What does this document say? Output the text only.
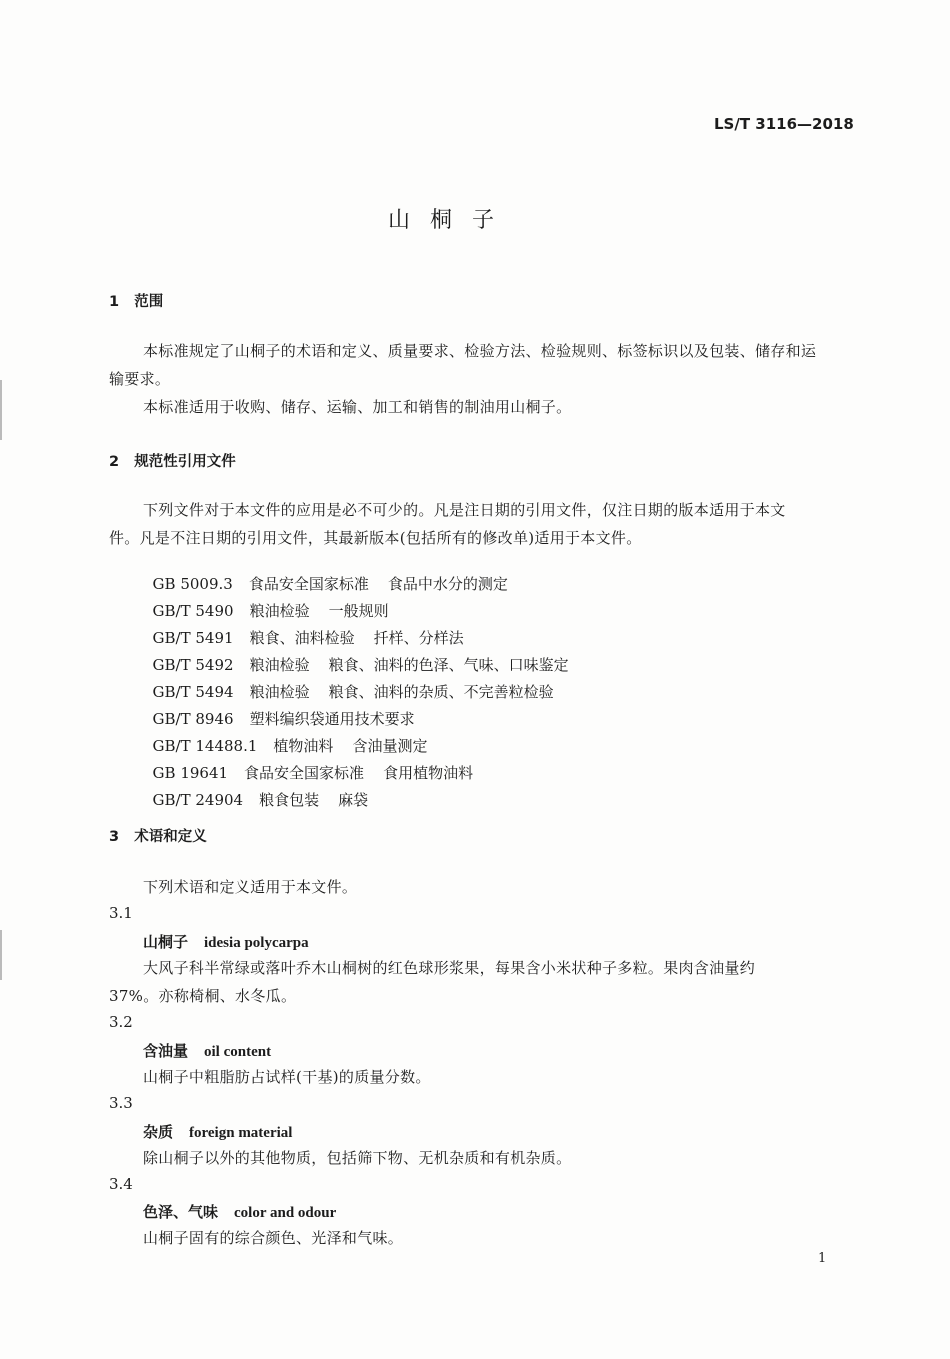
LS/T 3116—2018
山  桐  子
1   范围
本标准规定了山桐子的术语和定义、质量要求、检验方法、检验规则、标签标识以及包装、储存和运
输要求。
本标准适用于收购、储存、运输、加工和销售的制油用山桐子。
2   规范性引用文件
下列文件对于本文件的应用是必不可少的。凡是注日期的引用文件，仅注日期的版本适用于本文
件。凡是不注日期的引用文件，其最新版本(包括所有的修改单)适用于本文件。

GB 5009.3 食品安全国家标准    食品中水分的测定

GB/T 5490 粮油检验    一般规则

GB/T 5491 粮食、油料检验    扦样、分样法

GB/T 5492 粮油检验    粮食、油料的色泽、气味、口味鉴定

GB/T 5494 粮油检验    粮食、油料的杂质、不完善粒检验

GB/T 8946 塑料编织袋通用技术要求

GB/T 14488.1 植物油料    含油量测定

GB 19641 食品安全国家标准    食用植物油料

GB/T 24904 粮食包装    麻袋

3   术语和定义
下列术语和定义适用于本文件。
3.1
山桐子 idesia polycarpa
大风子科半常绿或落叶乔木山桐树的红色球形浆果，每果含小米状种子多粒。果肉含油量约
37%。亦称椅桐、水冬瓜。
3.2
含油量 oil content
山桐子中粗脂肪占试样(干基)的质量分数。
3.3
杂质 foreign material
除山桐子以外的其他物质，包括筛下物、无机杂质和有机杂质。
3.4
色泽、气味 color and odour
山桐子固有的综合颜色、光泽和气味。
1
